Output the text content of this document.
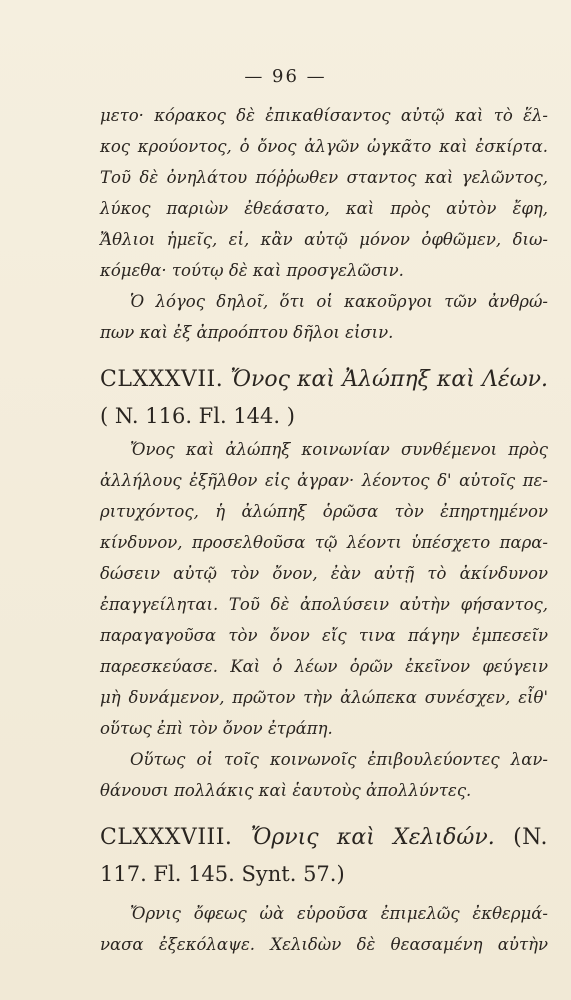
— 96 —
μετο· κόρακος δὲ ἐπικαθίσαντος αὐτῷ καὶ τὸ ἕλ-
κος κρούοντος, ὁ ὄνος ἀλγῶν ὠγκᾶτο καὶ ἐσκίρτα.
Τοῦ δὲ ὀνηλάτου πόῤῥωθεν σταντος καὶ γελῶντος,
λύκος παριὼν ἐθεάσατο, καὶ πρὸς αὐτὸν ἔφη,
Ἄθλιοι ἡμεῖς, εἰ, κἂν αὐτῷ μόνον ὀφθῶμεν, διω-
κόμεθα· τούτῳ δὲ καὶ προσγελῶσιν.
Ὁ λόγος δηλοῖ, ὅτι οἱ κακοῦργοι τῶν ἀνθρώ-
πων καὶ ἐξ ἀπροόπτου δῆλοι εἰσιν.
CLXXXVII. Ὄνος καὶ Ἀλώπηξ καὶ Λέων.
( N. 116. Fl. 144. )
Ὄνος καὶ ἀλώπηξ κοινωνίαν συνθέμενοι πρὸς
ἀλλήλους ἐξῆλθον εἰς ἀγραν· λέοντος δ' αὐτοῖς πε-
ριτυχόντος, ἡ ἀλώπηξ ὁρῶσα τὸν ἐπηρτημένον
κίνδυνον, προσελθοῦσα τῷ λέοντι ὑπέσχετο παρα-
δώσειν αὐτῷ τὸν ὄνον, ἐὰν αὐτῇ τὸ ἀκίνδυνον
ἐπαγγείληται. Τοῦ δὲ ἀπολύσειν αὐτὴν φήσαντος,
παραγαγοῦσα τὸν ὄνον εἴς τινα πάγην ἐμπεσεῖν
παρεσκεύασε. Καὶ ὁ λέων ὁρῶν ἐκεῖνον φεύγειν
μὴ δυνάμενον, πρῶτον τὴν ἀλώπεκα συνέσχεν, εἶθ'
οὕτως ἐπὶ τὸν ὄνον ἐτράπη.
Οὕτως οἱ τοῖς κοινωνοῖς ἐπιβουλεύοντες λαν-
θάνουσι πολλάκις καὶ ἑαυτοὺς ἀπολλύντες.
CLXXXVIII. Ὄρνις καὶ Χελιδών. (N.
117. Fl. 145. Synt. 57.)
Ὄρνις ὄφεως ὠὰ εὑροῦσα ἐπιμελῶς ἐκθερμά-
νασα ἐξεκόλαψε. Χελιδὼν δὲ θεασαμένη αὐτὴν
